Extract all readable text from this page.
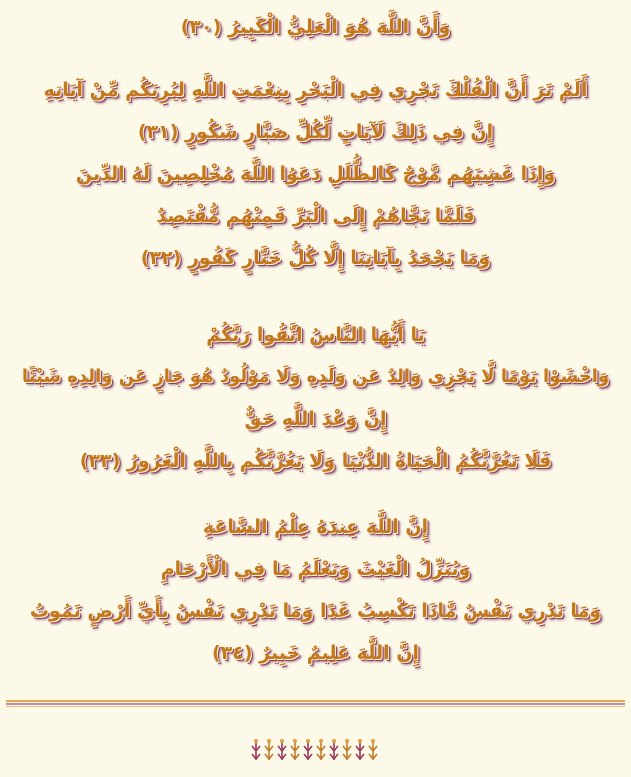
وَأَنَّ اللَّهَ هُوَ الْعَلِيُّ الْكَبِيرُ (٣٠)
أَلَمْ تَرَ أَنَّ الْفُلْكَ تَجْرِي فِي الْبَحْرِ بِنِعْمَتِ اللَّهِ لِيُرِيَكُم مِّنْ آيَاتِهِ
إِنَّ فِي ذَلِكَ لَآيَاتٍ لِّكُلِّ صَبَّارٍ شَكُورٍ (٣١)
وَإِذَا غَشِيَهُم مَّوْجٌ كَالظُّلَلِ دَعَوُا اللَّهَ مُخْلِصِينَ لَهُ الدِّينَ
فَلَمَّا نَجَّاهُمْ إِلَى الْبَرِّ فَمِنْهُم مُّقْتَصِدٌ
وَمَا يَجْحَدُ بِآيَاتِنَا إِلَّا كُلُّ خَتَّارٍ كَفُورٍ (٣٢)
يَا أَيُّهَا النَّاسُ اتَّقُوا رَبَّكُمْ
وَاخْشَوْا يَوْمًا لَّا يَجْزِي وَالِدٌ عَن وَلَدِهِ وَلَا مَوْلُودٌ هُوَ جَازٍ عَن وَالِدِهِ شَيْئًا
إِنَّ وَعْدَ اللَّهِ حَقٌّ
فَلَا تَغُرَّنَّكُمُ الْحَيَاةُ الدُّنْيَا وَلَا يَغُرَّنَّكُم بِاللَّهِ الْغَرُورُ (٣٣)
إِنَّ اللَّهَ عِندَهُ عِلْمُ السَّاعَةِ
وَيُنَزِّلُ الْغَيْثَ وَيَعْلَمُ مَا فِي الْأَرْحَامِ
وَمَا تَدْرِي نَفْسٌ مَّاذَا تَكْسِبُ غَدًا وَمَا تَدْرِي نَفْسٌ بِأَيِّ أَرْضٍ تَمُوتُ
إِنَّ اللَّهَ عَلِيمٌ خَبِيرٌ (٣٤)
